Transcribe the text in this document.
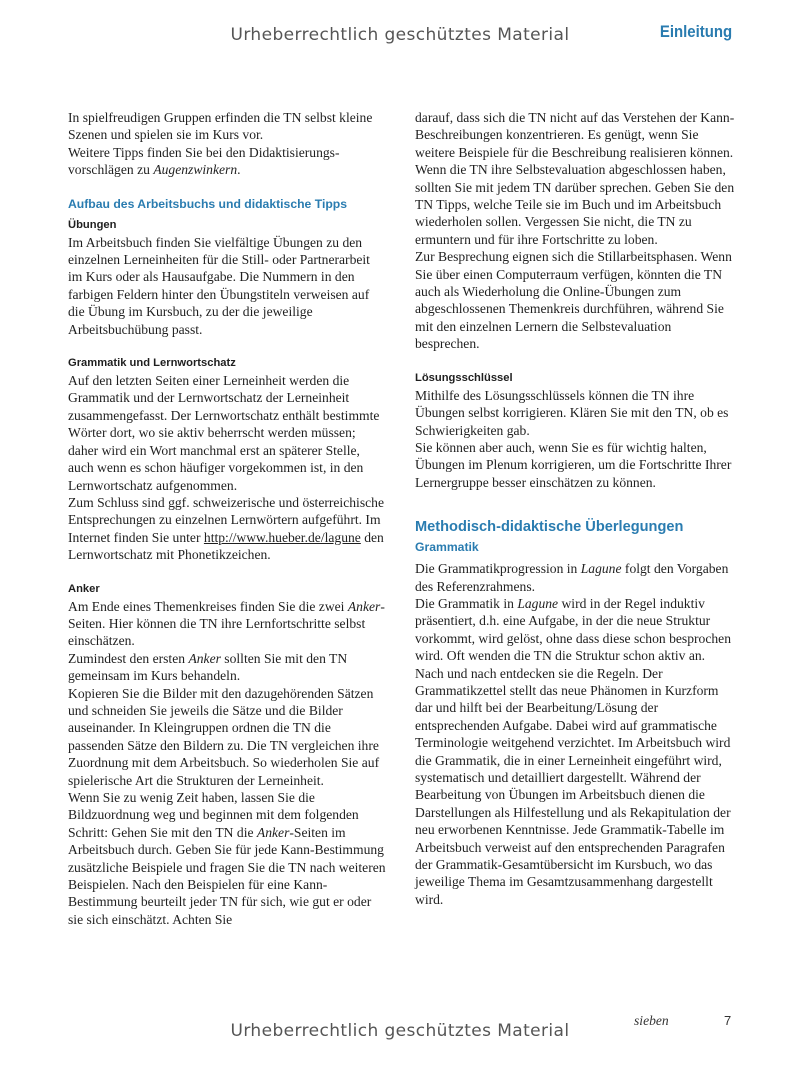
Urheberrechtlich geschütztes Material	Einleitung

In spielfreudigen Gruppen erfinden die TN selbst kleine Szenen und spielen sie im Kurs vor.

Weitere Tipps finden Sie bei den Didaktisierungsvorschlägen zu Augenzwinkern.

Aufbau des Arbeitsbuchs und didaktische Tipps
Übungen

Im Arbeitsbuch finden Sie vielfältige Übungen zu den einzelnen Lerneinheiten für die Still- oder Partnerarbeit im Kurs oder als Hausaufgabe. Die Nummern in den farbigen Feldern hinter den Übungstiteln verweisen auf die Übung im Kursbuch, zu der die jeweilige Arbeitsbuchübung passt.

Grammatik und Lernwortschatz

Auf den letzten Seiten einer Lerneinheit werden die Grammatik und der Lernwortschatz der Lerneinheit zusammengefasst. Der Lernwortschatz enthält bestimmte Wörter dort, wo sie aktiv beherrscht werden müssen; daher wird ein Wort manchmal erst an späterer Stelle, auch wenn es schon häufiger vorgekommen ist, in den Lernwortschatz aufgenommen.

Zum Schluss sind ggf. schweizerische und österreichische Entsprechungen zu einzelnen Lernwörtern aufgeführt. Im Internet finden Sie unter http://www.hueber.de/lagune den Lernwortschatz mit Phonetikzeichen.

Anker

Am Ende eines Themenkreises finden Sie die zwei Anker-Seiten. Hier können die TN ihre Lernfortschritte selbst einschätzen.

Zumindest den ersten Anker sollten Sie mit den TN gemeinsam im Kurs behandeln.

Kopieren Sie die Bilder mit den dazugehörenden Sätzen und schneiden Sie jeweils die Sätze und die Bilder auseinander. In Kleingruppen ordnen die TN die passenden Sätze den Bildern zu. Die TN vergleichen ihre Zuordnung mit dem Arbeitsbuch. So wiederholen Sie auf spielerische Art die Strukturen der Lerneinheit.

Wenn Sie zu wenig Zeit haben, lassen Sie die Bildzuordnung weg und beginnen mit dem folgenden Schritt: Gehen Sie mit den TN die Anker-Seiten im Arbeitsbuch durch. Geben Sie für jede Kann-Bestimmung zusätzliche Beispiele und fragen Sie die TN nach weiteren Beispielen. Nach den Beispielen für eine Kann-Bestimmung beurteilt jeder TN für sich, wie gut er oder sie sich einschätzt. Achten Sie

darauf, dass sich die TN nicht auf das Verstehen der Kann-Beschreibungen konzentrieren. Es genügt, wenn Sie weitere Beispiele für die Beschreibung realisieren können.

Wenn die TN ihre Selbstevaluation abgeschlossen haben, sollten Sie mit jedem TN darüber sprechen. Geben Sie den TN Tipps, welche Teile sie im Buch und im Arbeitsbuch wiederholen sollen. Vergessen Sie nicht, die TN zu ermuntern und für ihre Fortschritte zu loben.

Zur Besprechung eignen sich die Stillarbeitsphasen. Wenn Sie über einen Computerraum verfügen, könnten die TN auch als Wiederholung die Online-Übungen zum abgeschlossenen Themenkreis durchführen, während Sie mit den einzelnen Lernern die Selbstevaluation besprechen.

Lösungsschlüssel

Mithilfe des Lösungsschlüssels können die TN ihre Übungen selbst korrigieren. Klären Sie mit den TN, ob es Schwierigkeiten gab.

Sie können aber auch, wenn Sie es für wichtig halten, Übungen im Plenum korrigieren, um die Fortschritte Ihrer Lernergruppe besser einschätzen zu können.

Methodisch-didaktische Überlegungen
Grammatik

Die Grammatikprogression in Lagune folgt den Vorgaben des Referenzrahmens.

Die Grammatik in Lagune wird in der Regel induktiv präsentiert, d.h. eine Aufgabe, in der die neue Struktur vorkommt, wird gelöst, ohne dass diese schon besprochen wird. Oft wenden die TN die Struktur schon aktiv an. Nach und nach entdecken sie die Regeln. Der Grammatikzettel stellt das neue Phänomen in Kurzform dar und hilft bei der Bearbeitung/Lösung der entsprechenden Aufgabe. Dabei wird auf grammatische Terminologie weitgehend verzichtet. Im Arbeitsbuch wird die Grammatik, die in einer Lerneinheit eingeführt wird, systematisch und detailliert dargestellt. Während der Bearbeitung von Übungen im Arbeitsbuch dienen die Darstellungen als Hilfestellung und als Rekapitulation der neu erworbenen Kenntnisse. Jede Grammatik-Tabelle im Arbeitsbuch verweist auf den entsprechenden Paragrafen der Grammatik-Gesamtübersicht im Kursbuch, wo das jeweilige Thema im Gesamtzusammenhang dargestellt wird.

sieben	7
Urheberrechtlich geschütztes Material
